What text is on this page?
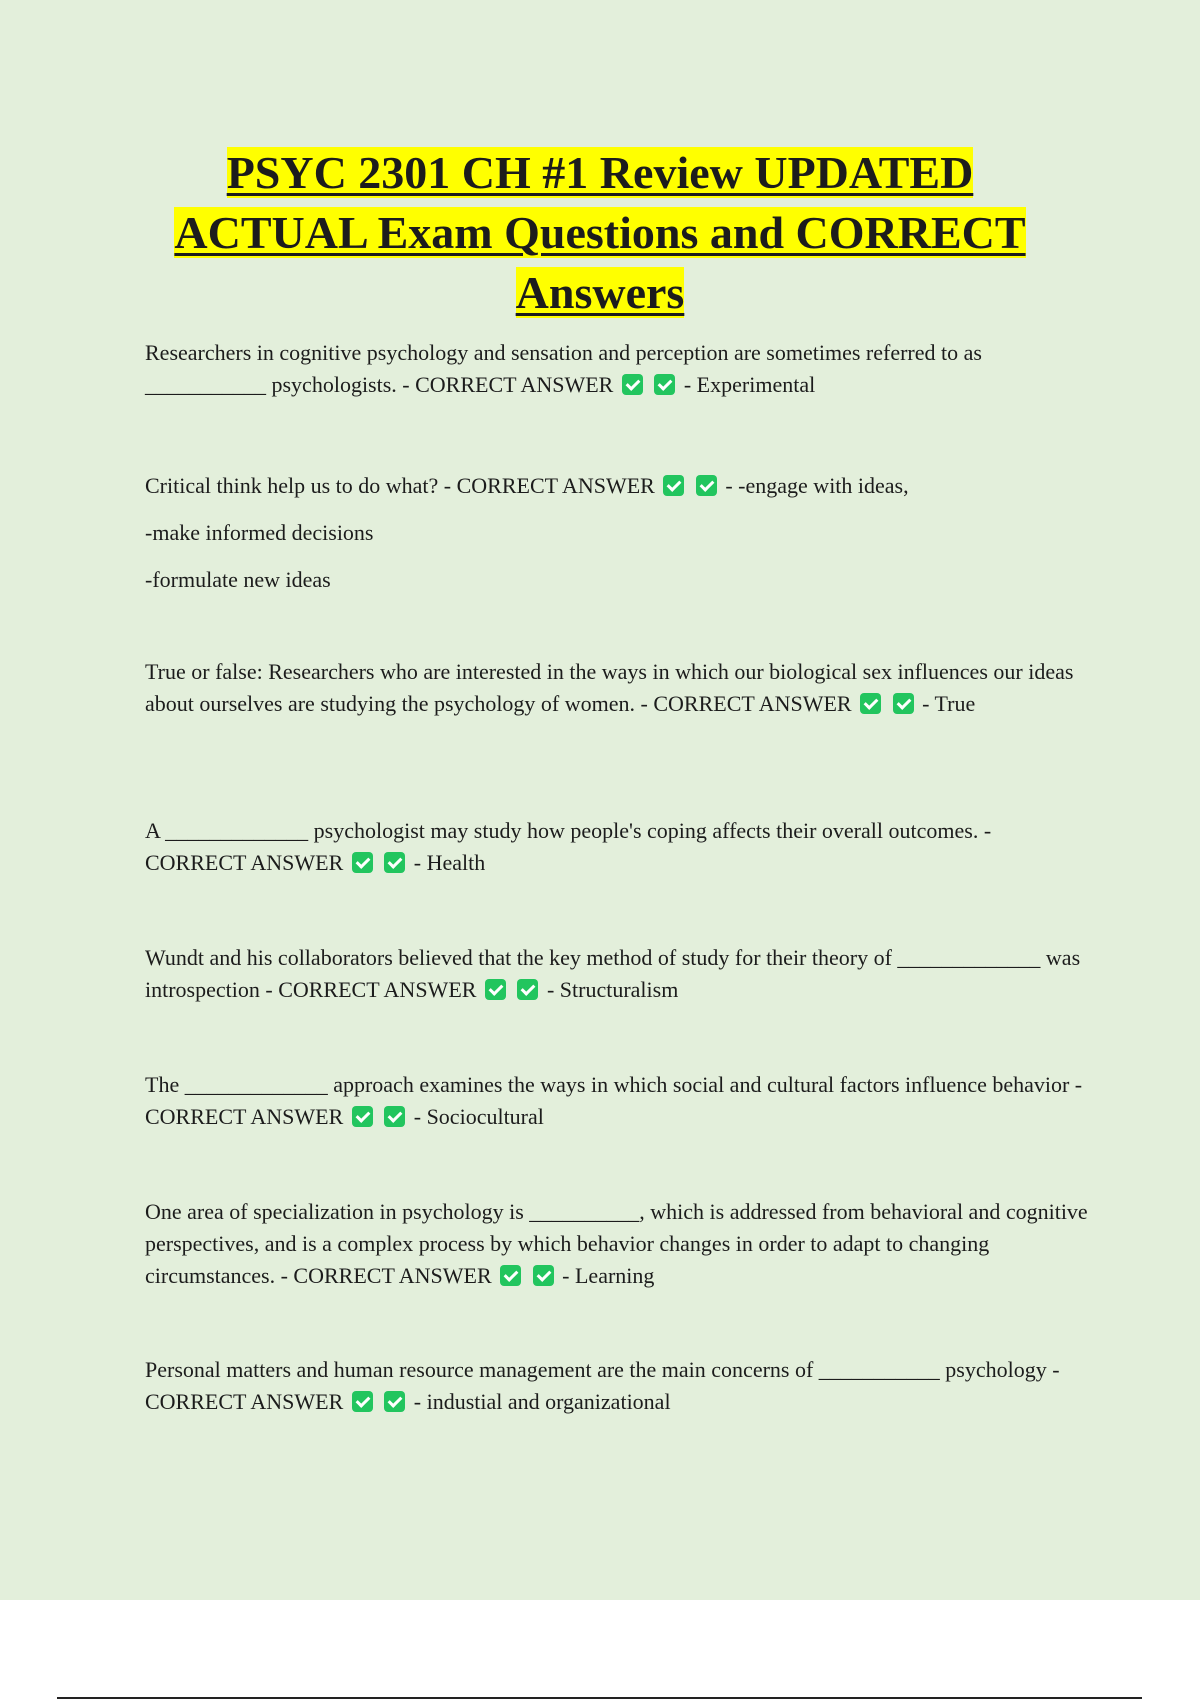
PSYC 2301 CH #1 Review UPDATED
ACTUAL Exam Questions and CORRECT
Answers

Researchers in cognitive psychology and sensation and perception are sometimes referred to as ___________ psychologists. - CORRECT ANSWER	- Experimental

Critical think help us to do what? - CORRECT ANSWER	- -engage with ideas,

-make informed decisions
-formulate new ideas

True or false: Researchers who are interested in the ways in which our biological sex influences our ideas about ourselves are studying the psychology of women. - CORRECT ANSWER	- True

A _____________ psychologist may study how people's coping affects their overall outcomes. - CORRECT ANSWER	- Health

Wundt and his collaborators believed that the key method of study for their theory of _____________ was introspection - CORRECT ANSWER	- Structuralism

The _____________ approach examines the ways in which social and cultural factors influence behavior - CORRECT ANSWER	- Sociocultural

One area of specialization in psychology is __________, which is addressed from behavioral and cognitive perspectives, and is a complex process by which behavior changes in order to adapt to changing circumstances. - CORRECT ANSWER	- Learning

Personal matters and human resource management are the main concerns of ___________ psychology - CORRECT ANSWER	- industial and organizational
